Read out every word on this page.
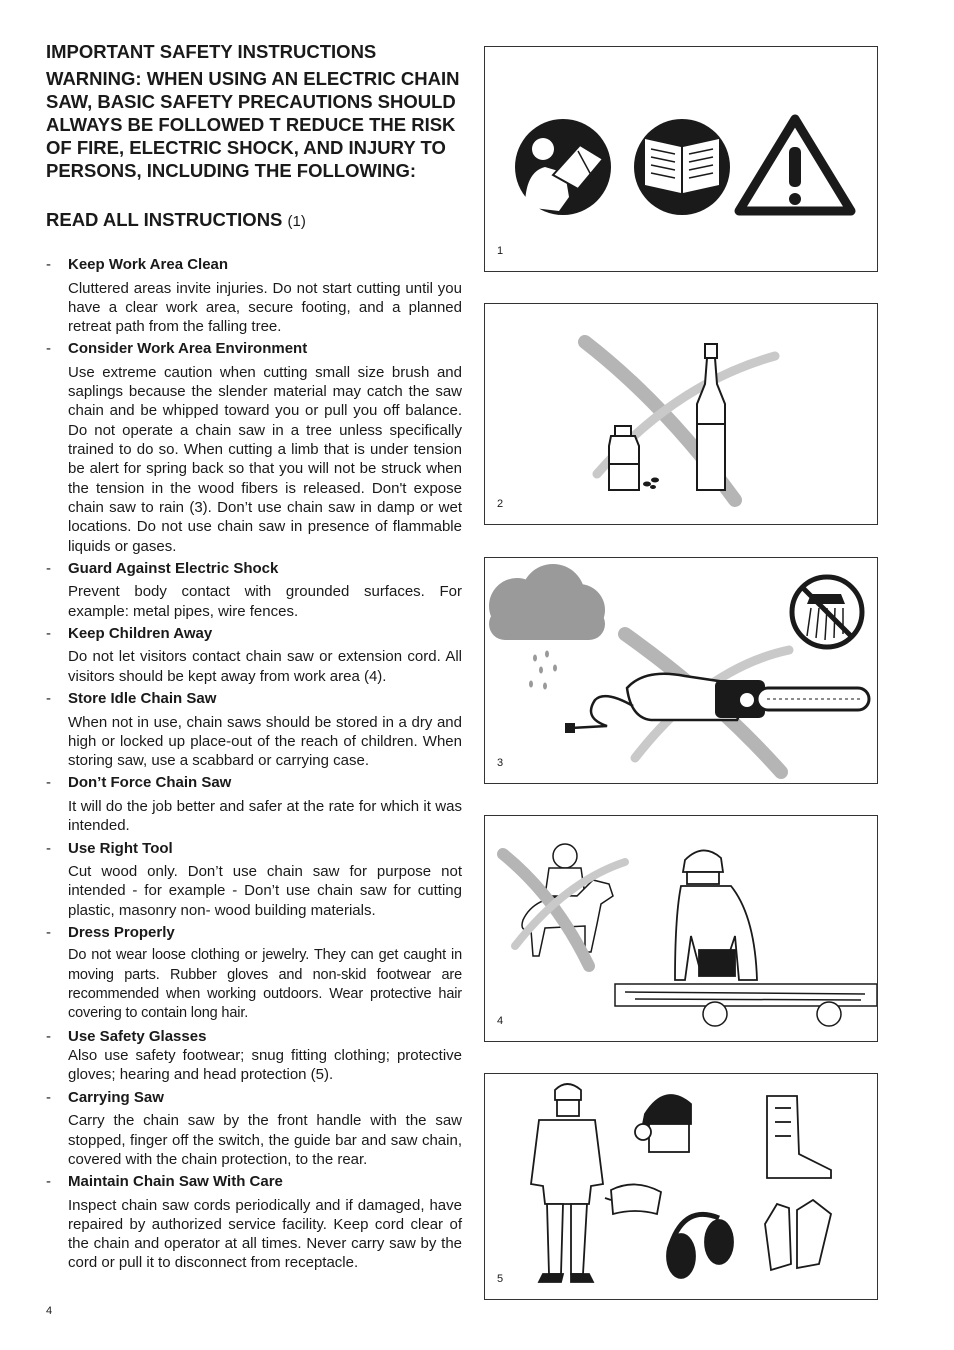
IMPORTANT SAFETY INSTRUCTIONS

WARNING: WHEN USING AN ELECTRIC CHAIN SAW, BASIC SAFETY PRECAUTIONS SHOULD ALWAYS BE FOLLOWED T REDUCE THE RISK OF FIRE, ELECTRIC SHOCK, AND INJURY TO PERSONS, INCLUDING THE FOLLOWING:

READ ALL INSTRUCTIONS (1)

- Keep Work Area Clean

Cluttered areas invite injuries. Do not start cutting until you have a clear work area, secure footing, and a planned retreat path from the falling tree.

- Consider Work Area Environment

Use extreme caution when cutting small size brush and saplings because the slender material may catch the saw chain and be whipped toward you or pull you off balance. Do not operate a chain saw in a tree unless specifically trained to do so. When cutting a limb that is under tension be alert for spring back so that you will not be struck when the tension in the wood fibers is released. Don't expose chain saw to rain (3). Don’t use chain saw in damp or wet locations. Do not use chain saw in presence of flammable liquids or gases.

- Guard Against Electric Shock

Prevent body contact with grounded surfaces. For example: metal pipes, wire fences.

- Keep Children Away

Do not let visitors contact chain saw or extension cord. All visitors should be kept away from work area (4).

- Store Idle Chain Saw

When not in use, chain saws should be stored in a dry and high or locked up place-out of the reach of children. When storing saw, use a scabbard or carrying case.

- Don’t Force Chain Saw

It will do the job better and safer at the rate for which it was intended.

- Use Right Tool

Cut wood only. Don’t use chain saw for purpose not intended - for example - Don’t use chain saw for cutting plastic, masonry non- wood building materials.

- Dress Properly

Do not wear loose clothing or jewelry. They can get caught in moving parts. Rubber gloves and non-skid footwear are recommended when working outdoors. Wear protective hair covering to contain long hair.

- Use Safety Glasses

Also use safety footwear; snug fitting clothing; protective gloves; hearing and head protection (5).

- Carrying Saw

Carry the chain saw by the front handle with the saw stopped, finger off the switch, the guide bar and saw chain, covered with the chain protection, to the rear.

- Maintain Chain Saw With Care

Inspect chain saw cords periodically and if damaged, have repaired by authorized service facility. Keep cord clear of the chain and operator at all times. Never carry saw by the cord or pull it to disconnect from receptacle.

4
1
2
3
4
5
